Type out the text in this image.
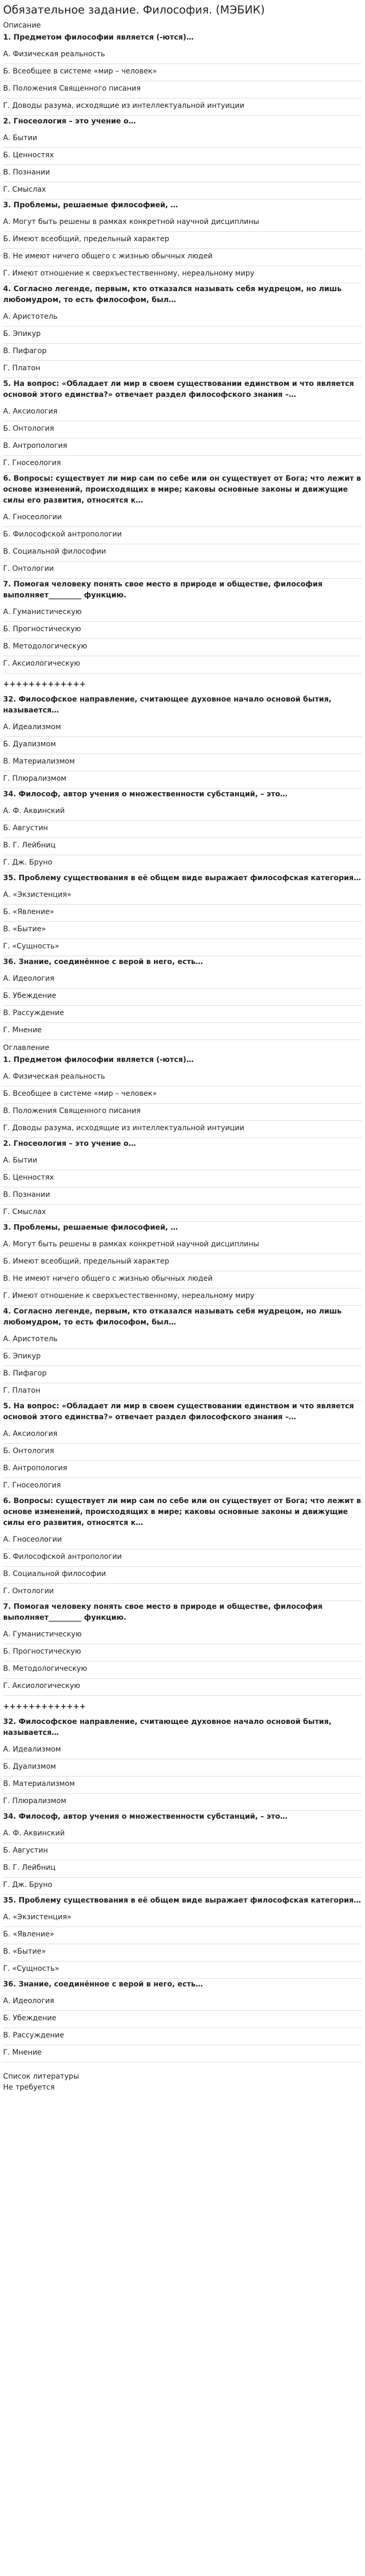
Обязательное задание. Философия. (МЭБИК)
Описание
1. Предметом философии является (-ются)…
А. Физическая реальность
Б. Всеобщее в системе «мир – человек»
В. Положения Священного писания
Г. Доводы разума, исходящие из интеллектуальной интуиции
2. Гносеология – это учение о…
А. Бытии
Б. Ценностях
В. Познании
Г. Смыслах
3. Проблемы, решаемые философией, …
А. Могут быть решены в рамках конкретной научной дисциплины
Б. Имеют всеобщий, предельный характер
В. Не имеют ничего общего с жизнью обычных людей
Г. Имеют отношение к сверхъестественному, нереальному миру
4. Согласно легенде, первым, кто отказался называть себя мудрецом, но лишь любомудром, то есть философом, был…
А. Аристотель
Б. Эпикур
В. Пифагор
Г. Платон
5. На вопрос: «Обладает ли мир в своем существовании единством и что является основой этого единства?» отвечает раздел философского знания –…
А. Аксиология
Б. Онтология
В. Антропология
Г. Гносеология
6. Вопросы: существует ли мир сам по себе или он существует от Бога; что лежит в основе изменений, происходящих в мире; каковы основные законы и движущие силы его развития, относятся к…
А. Гносеологии
Б. Философской антропологии
В. Социальной философии
Г. Онтологии
7. Помогая человеку понять свое место в природе и обществе, философия выполняет_________ функцию.
А. Гуманистическую
Б. Прогностическую
В. Методологическую
Г. Аксиологическую
+++++++++++++
32. Философское направление, считающее духовное начало основой бытия, называется…
А. Идеализмом
Б. Дуализмом
В. Материализмом
Г. Плюрализмом
34. Философ, автор учения о множественности субстанций, – это…
А. Ф. Аквинский
Б. Августин
В. Г. Лейбниц
Г. Дж. Бруно
35. Проблему существования в её общем виде выражает философская категория…
А. «Экзистенция»
Б. «Явление»
В. «Бытие»
Г. «Сущность»
36. Знание, соединённое с верой в него, есть…
А. Идеология
Б. Убеждение
В. Рассуждение
Г. Мнение
Оглавление
1. Предметом философии является (-ются)…
А. Физическая реальность
Б. Всеобщее в системе «мир – человек»
В. Положения Священного писания
Г. Доводы разума, исходящие из интеллектуальной интуиции
2. Гносеология – это учение о…
А. Бытии
Б. Ценностях
В. Познании
Г. Смыслах
3. Проблемы, решаемые философией, …
А. Могут быть решены в рамках конкретной научной дисциплины
Б. Имеют всеобщий, предельный характер
В. Не имеют ничего общего с жизнью обычных людей
Г. Имеют отношение к сверхъестественному, нереальному миру
4. Согласно легенде, первым, кто отказался называть себя мудрецом, но лишь любомудром, то есть философом, был…
А. Аристотель
Б. Эпикур
В. Пифагор
Г. Платон
5. На вопрос: «Обладает ли мир в своем существовании единством и что является основой этого единства?» отвечает раздел философского знания –…
А. Аксиология
Б. Онтология
В. Антропология
Г. Гносеология
6. Вопросы: существует ли мир сам по себе или он существует от Бога; что лежит в основе изменений, происходящих в мире; каковы основные законы и движущие силы его развития, относятся к…
А. Гносеологии
Б. Философской антропологии
В. Социальной философии
Г. Онтологии
7. Помогая человеку понять свое место в природе и обществе, философия выполняет_________ функцию.
А. Гуманистическую
Б. Прогностическую
В. Методологическую
Г. Аксиологическую
+++++++++++++
32. Философское направление, считающее духовное начало основой бытия, называется…
А. Идеализмом
Б. Дуализмом
В. Материализмом
Г. Плюрализмом
34. Философ, автор учения о множественности субстанций, – это…
А. Ф. Аквинский
Б. Августин
В. Г. Лейбниц
Г. Дж. Бруно
35. Проблему существования в её общем виде выражает философская категория…
А. «Экзистенция»
Б. «Явление»
В. «Бытие»
Г. «Сущность»
36. Знание, соединённое с верой в него, есть…
А. Идеология
Б. Убеждение
В. Рассуждение
Г. Мнение
Список литературы
Не требуется
